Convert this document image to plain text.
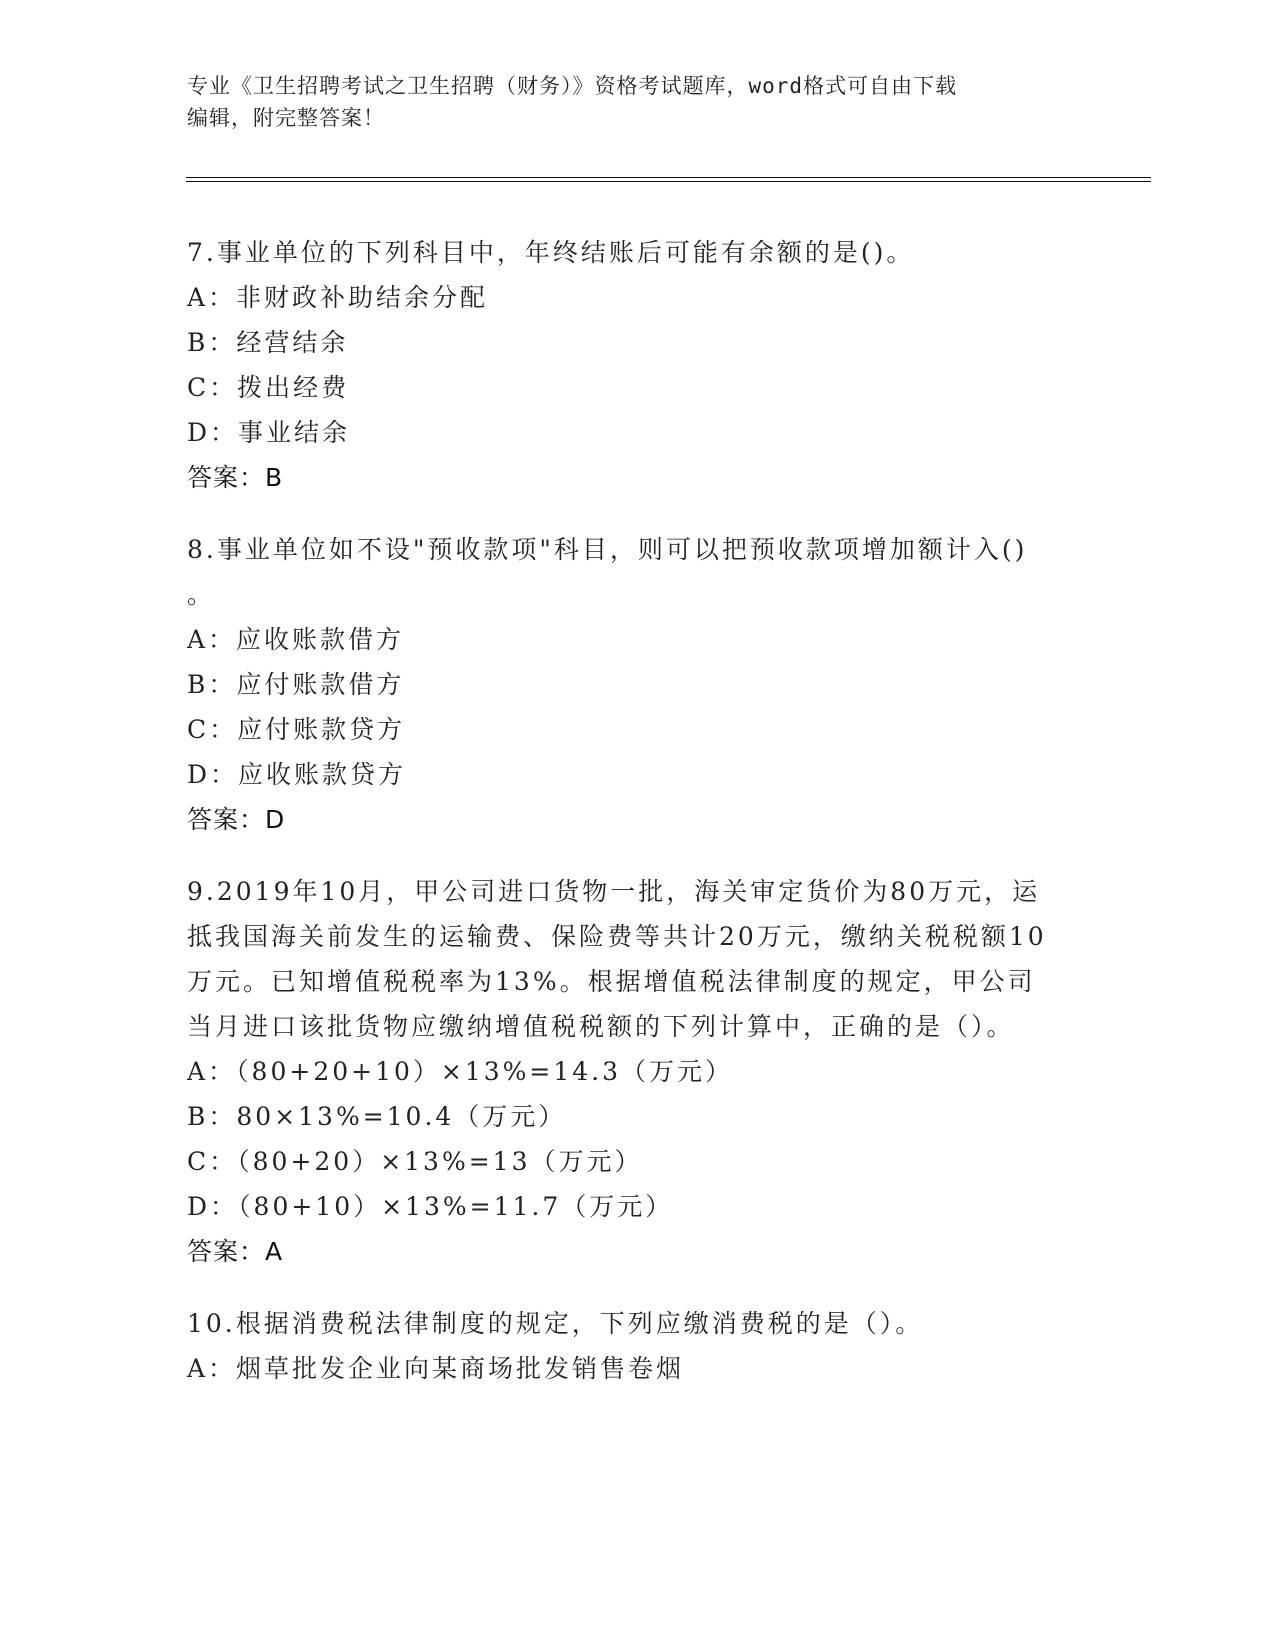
专业《卫生招聘考试之卫生招聘（财务）》资格考试题库，word格式可自由下载
编辑，附完整答案！
7.事业单位的下列科目中，年终结账后可能有余额的是()。
A：非财政补助结余分配
B：经营结余
C：拨出经费
D：事业结余
答案：B
8.事业单位如不设"预收款项"科目，则可以把预收款项增加额计入()
。
A：应收账款借方
B：应付账款借方
C：应付账款贷方
D：应收账款贷方
答案：D
9.2019年10月，甲公司进口货物一批，海关审定货价为80万元，运
抵我国海关前发生的运输费、保险费等共计20万元，缴纳关税税额10
万元。已知增值税税率为13%。根据增值税法律制度的规定，甲公司
当月进口该批货物应缴纳增值税税额的下列计算中，正确的是（）。
A：（80+20+10）×13%=14.3（万元）
B：80×13%=10.4（万元）
C：（80+20）×13%=13（万元）
D：（80+10）×13%=11.7（万元）
答案：A
10.根据消费税法律制度的规定，下列应缴消费税的是（）。
A：烟草批发企业向某商场批发销售卷烟
